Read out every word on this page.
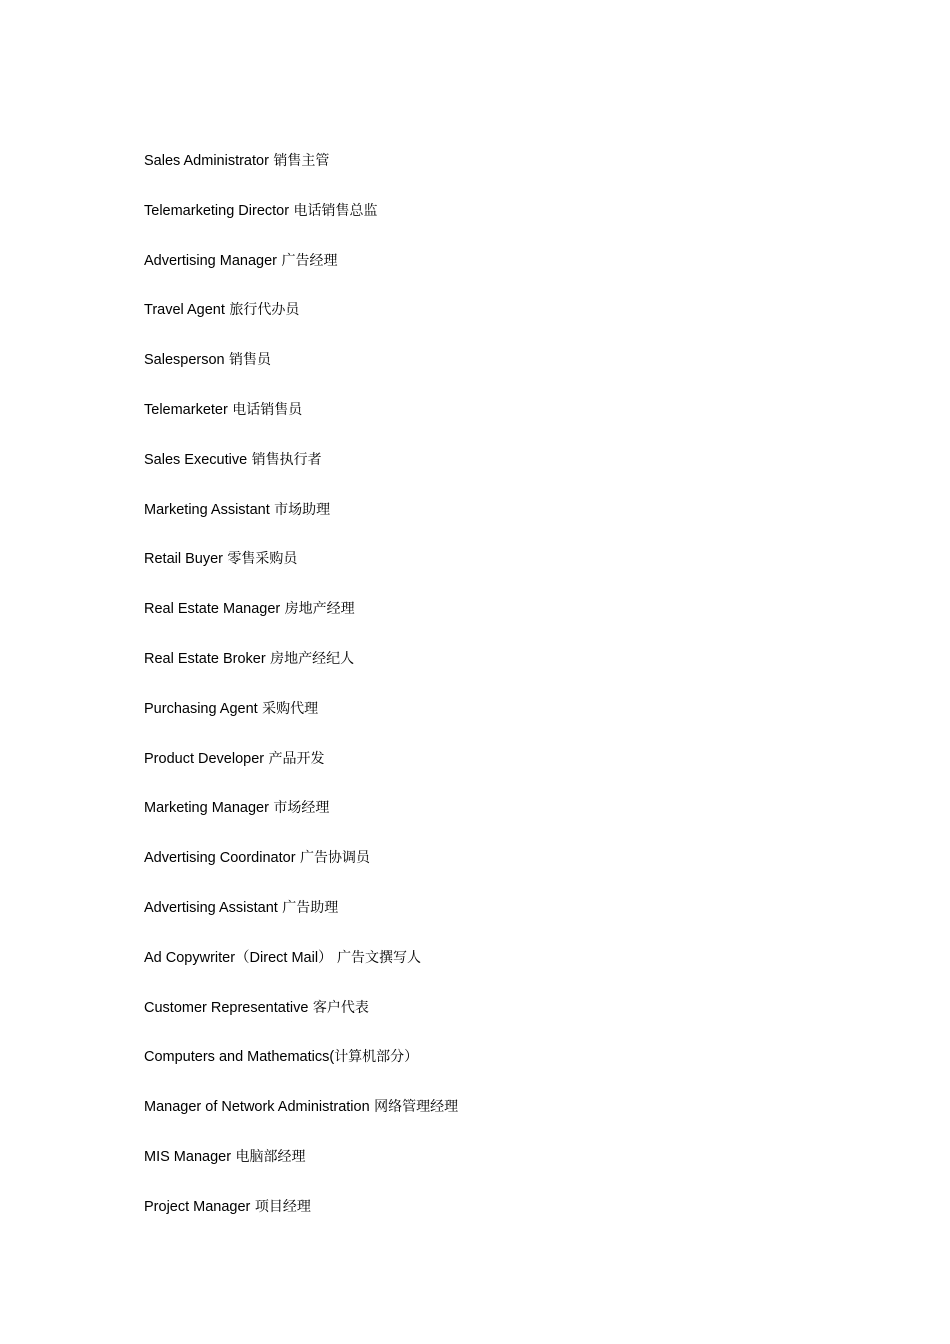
Sales Administrator 销售主管
Telemarketing Director 电话销售总监
Advertising Manager 广告经理
Travel Agent 旅行代办员
Salesperson 销售员
Telemarketer 电话销售员
Sales Executive 销售执行者
Marketing Assistant 市场助理
Retail Buyer 零售采购员
Real Estate Manager 房地产经理
Real Estate Broker 房地产经纪人
Purchasing Agent 采购代理
Product Developer 产品开发
Marketing Manager 市场经理
Advertising Coordinator 广告协调员
Advertising Assistant 广告助理
Ad Copywriter（Direct Mail） 广告文撰写人
Customer Representative 客户代表
Computers and Mathematics(计算机部分）
Manager of Network Administration 网络管理经理
MIS Manager 电脑部经理
Project Manager 项目经理
